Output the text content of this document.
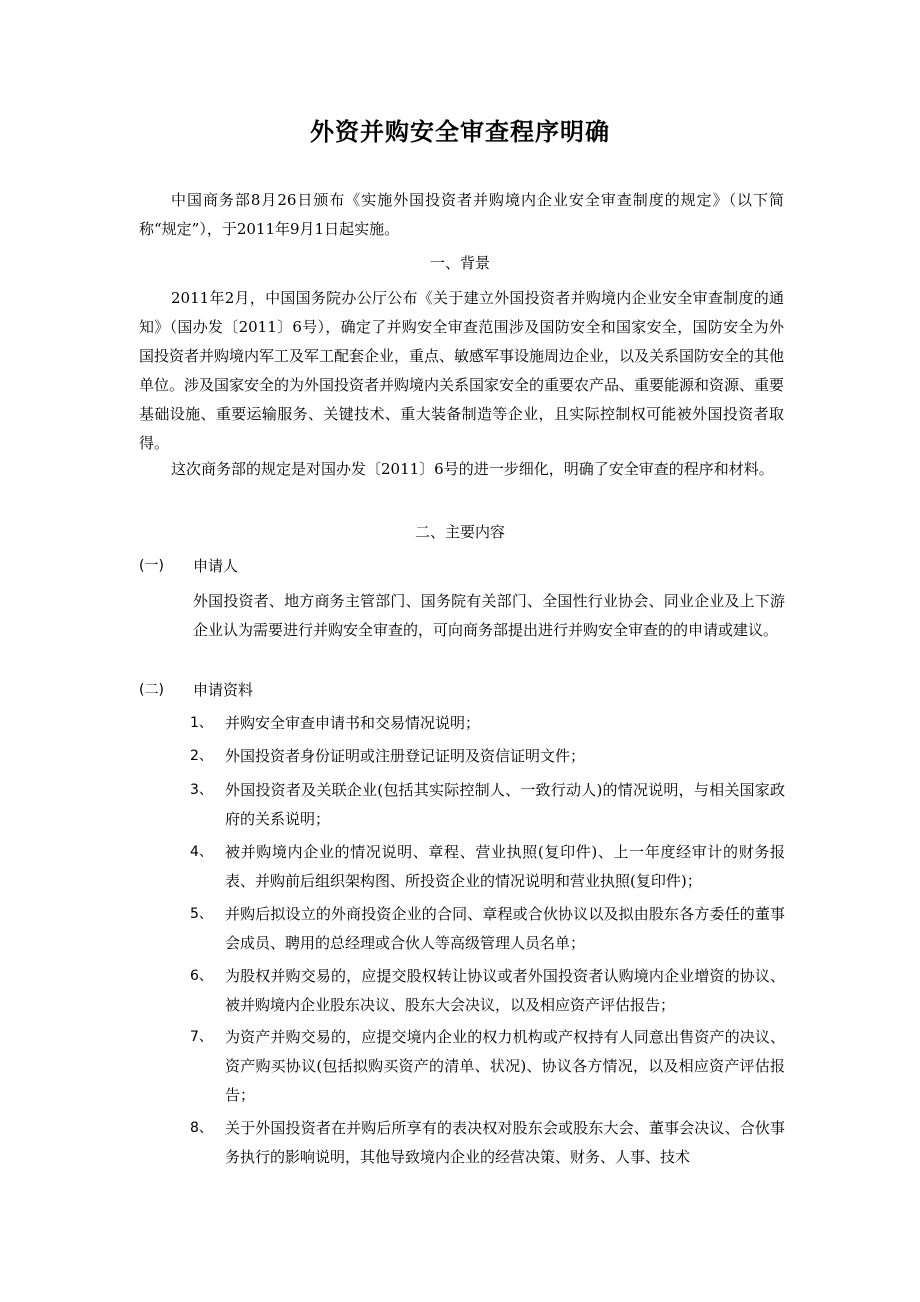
外资并购安全审查程序明确
中国商务部8月26日颁布《实施外国投资者并购境内企业安全审查制度的规定》（以下简称“规定”），于2011年9月1日起实施。
一、背景
2011年2月，中国国务院办公厅公布《关于建立外国投资者并购境内企业安全审查制度的通知》（国办发〔2011〕6号），确定了并购安全审查范围涉及国防安全和国家安全，国防安全为外国投资者并购境内军工及军工配套企业，重点、敏感军事设施周边企业，以及关系国防安全的其他单位。涉及国家安全的为外国投资者并购境内关系国家安全的重要农产品、重要能源和资源、重要基础设施、重要运输服务、关键技术、重大装备制造等企业，且实际控制权可能被外国投资者取得。
这次商务部的规定是对国办发〔2011〕6号的进一步细化，明确了安全审查的程序和材料。
二、主要内容
(一) 申请人
外国投资者、地方商务主管部门、国务院有关部门、全国性行业协会、同业企业及上下游企业认为需要进行并购安全审查的，可向商务部提出进行并购安全审查的的申请或建议。
(二) 申请资料
1、 并购安全审查申请书和交易情况说明；
2、 外国投资者身份证明或注册登记证明及资信证明文件；
3、 外国投资者及关联企业(包括其实际控制人、一致行动人)的情况说明，与相关国家政府的关系说明；
4、 被并购境内企业的情况说明、章程、营业执照(复印件)、上一年度经审计的财务报表、并购前后组织架构图、所投资企业的情况说明和营业执照(复印件)；
5、 并购后拟设立的外商投资企业的合同、章程或合伙协议以及拟由股东各方委任的董事会成员、聘用的总经理或合伙人等高级管理人员名单；
6、 为股权并购交易的，应提交股权转让协议或者外国投资者认购境内企业增资的协议、被并购境内企业股东决议、股东大会决议，以及相应资产评估报告；
7、 为资产并购交易的，应提交境内企业的权力机构或产权持有人同意出售资产的决议、资产购买协议(包括拟购买资产的清单、状况)、协议各方情况，以及相应资产评估报告；
8、 关于外国投资者在并购后所享有的表决权对股东会或股东大会、董事会决议、合伙事务执行的影响说明，其他导致境内企业的经营决策、财务、人事、技术
